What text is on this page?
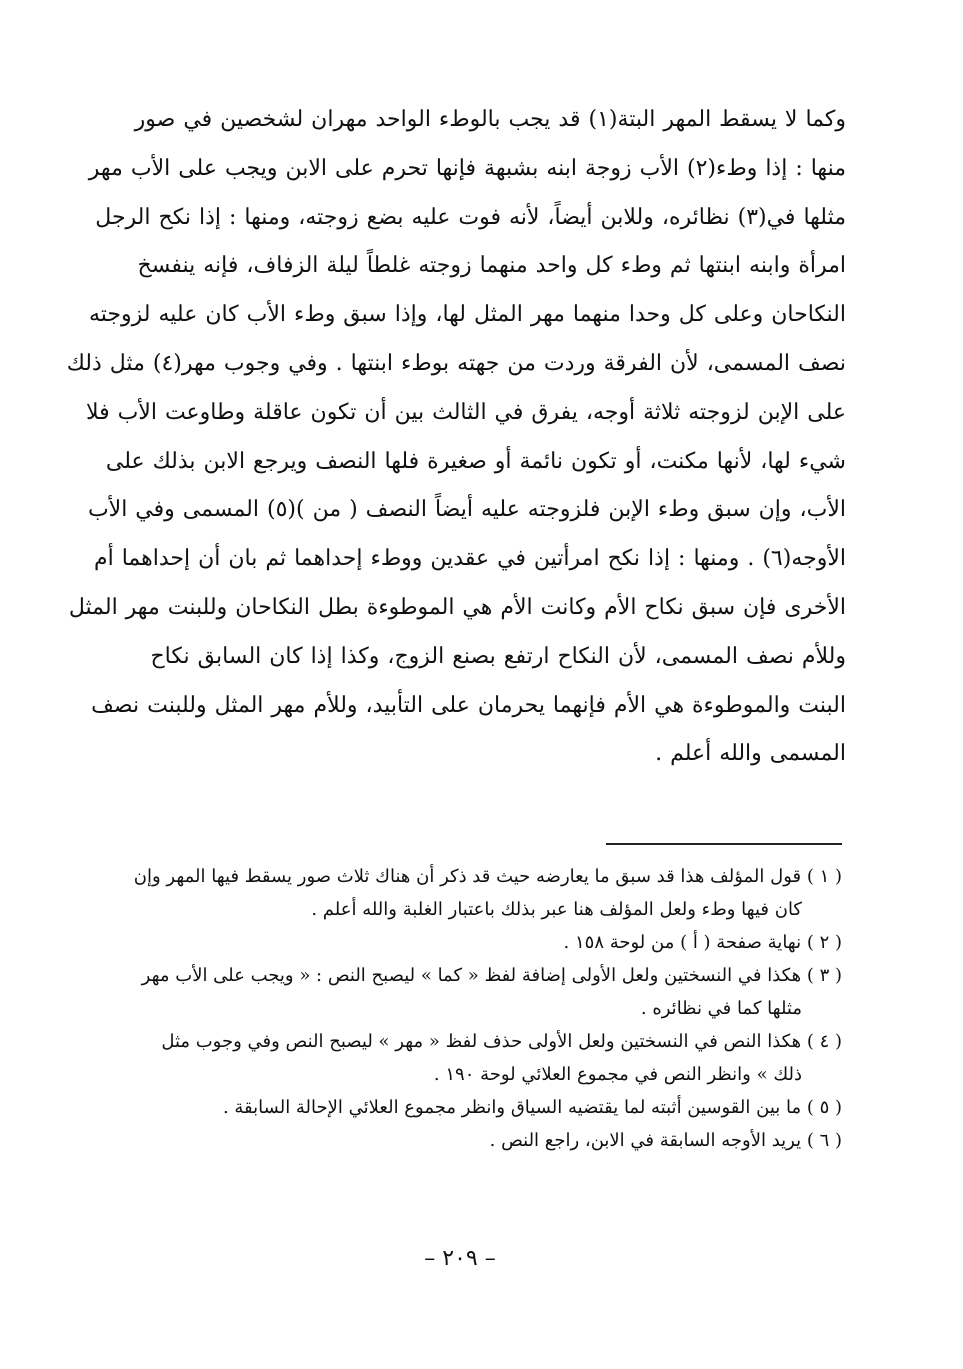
وكما لا يسقط المهر البتة(١) قد يجب بالوطء الواحد مهران لشخصين في صور
منها : إذا وطء(٢) الأب زوجة ابنه بشبهة فإنها تحرم على الابن ويجب على الأب مهر
مثلها في(٣) نظائره، وللابن أيضاً، لأنه فوت عليه بضع زوجته، ومنها : إذا نكح الرجل
امرأة وابنه ابنتها ثم وطء كل واحد منهما زوجته غلطاً ليلة الزفاف، فإنه ينفسخ
النكاحان وعلى كل وحدا منهما مهر المثل لها، وإذا سبق وطء الأب كان عليه لزوجته
نصف المسمى، لأن الفرقة وردت من جهته بوطء ابنتها . وفي وجوب مهر(٤) مثل ذلك
على الإبن لزوجته ثلاثة أوجه، يفرق في الثالث بين أن تكون عاقلة وطاوعت الأب فلا
شيء لها، لأنها مكنت، أو تكون نائمة أو صغيرة فلها النصف ويرجع الابن بذلك على
الأب، وإن سبق وطء الإبن فلزوجته عليه أيضاً النصف ( من )(٥) المسمى وفي الأب
الأوجه(٦) . ومنها : إذا نكح امرأتين في عقدين ووطء إحداهما ثم بان أن إحداهما أم
الأخرى فإن سبق نكاح الأم وكانت الأم هي الموطوءة بطل النكاحان وللبنت مهر المثل
وللأم نصف المسمى، لأن النكاح ارتفع بصنع الزوج، وكذا إذا كان السابق نكاح
البنت والموطوءة هي الأم فإنهما يحرمان على التأبيد، وللأم مهر المثل وللبنت نصف
المسمى والله أعلم .
( ١ ) قول المؤلف هذا قد سبق ما يعارضه حيث قد ذكر أن هناك ثلاث صور يسقط فيها المهر وإن
كان فيها وطء ولعل المؤلف هنا عبر بذلك باعتبار الغلبة والله أعلم .
( ٢ ) نهاية صفحة ( أ ) من لوحة ١٥٨ .
( ٣ ) هكذا في النسختين ولعل الأولى إضافة لفظ « كما » ليصبح النص : « ويجب على الأب مهر
مثلها كما في نظائره .
( ٤ ) هكذا النص في النسختين ولعل الأولى حذف لفظ « مهر » ليصبح النص وفي وجوب مثل
ذلك » وانظر النص في مجموع العلائي لوحة ١٩٠ .
( ٥ ) ما بين القوسين أثبته لما يقتضيه السياق وانظر مجموع العلائي الإحالة السابقة .
( ٦ ) يريد الأوجه السابقة في الابن، راجع النص .
– ٢٠٩ –
